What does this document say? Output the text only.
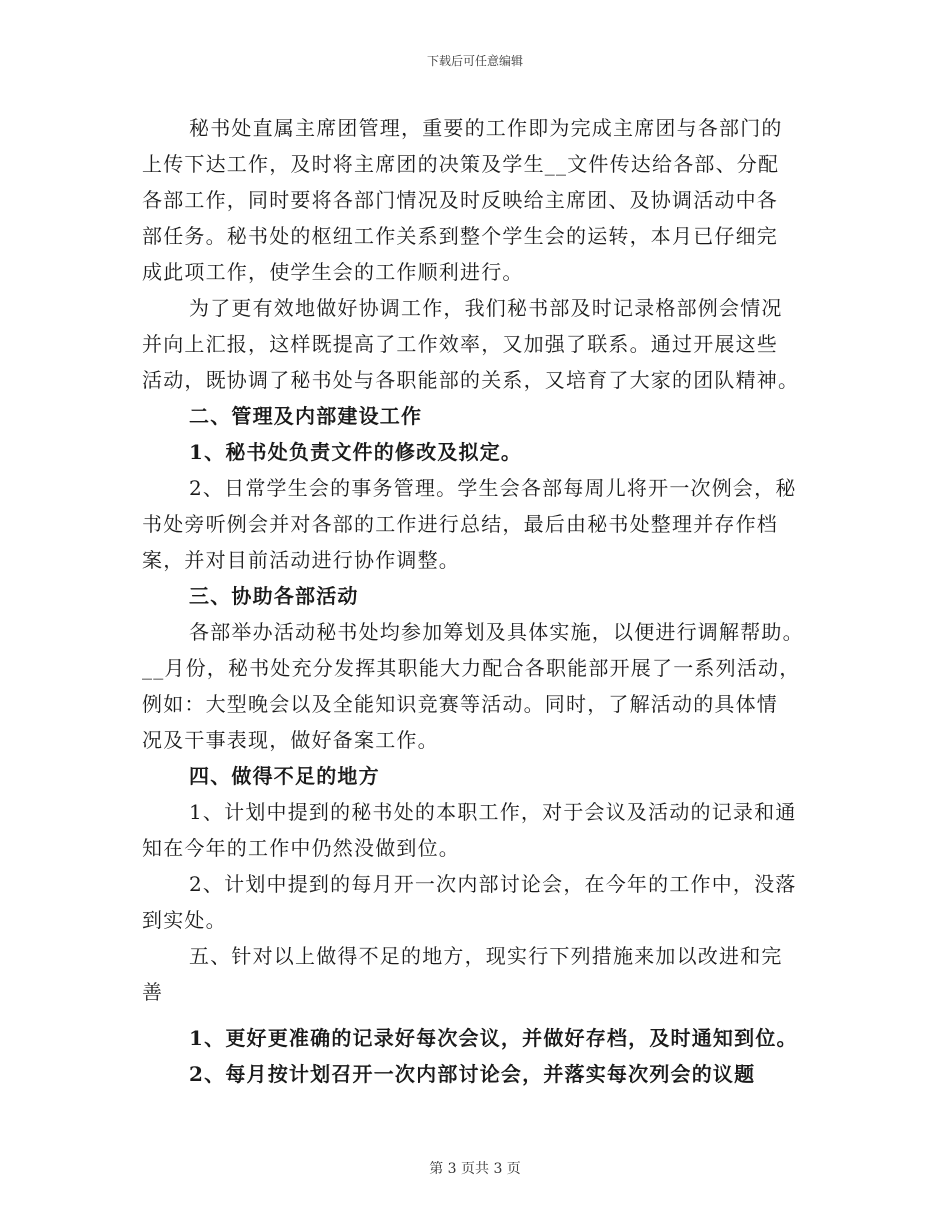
下载后可任意编辑
秘书处直属主席团管理，重要的工作即为完成主席团与各部门的
上传下达工作，及时将主席团的决策及学生__文件传达给各部、分配
各部工作，同时要将各部门情况及时反映给主席团、及协调活动中各
部任务。秘书处的枢纽工作关系到整个学生会的运转，本月已仔细完
成此项工作，使学生会的工作顺利进行。
为了更有效地做好协调工作，我们秘书部及时记录格部例会情况
并向上汇报，这样既提高了工作效率，又加强了联系。通过开展这些
活动，既协调了秘书处与各职能部的关系，又培育了大家的团队精神。
二、管理及内部建设工作
1、秘书处负责文件的修改及拟定。
2、日常学生会的事务管理。学生会各部每周儿将开一次例会，秘
书处旁听例会并对各部的工作进行总结，最后由秘书处整理并存作档
案，并对目前活动进行协作调整。
三、协助各部活动
各部举办活动秘书处均参加筹划及具体实施，以便进行调解帮助。
__月份，秘书处充分发挥其职能大力配合各职能部开展了一系列活动，
例如：大型晚会以及全能知识竞赛等活动。同时，了解活动的具体情
况及干事表现，做好备案工作。
四、做得不足的地方
1、计划中提到的秘书处的本职工作，对于会议及活动的记录和通
知在今年的工作中仍然没做到位。
2、计划中提到的每月开一次内部讨论会，在今年的工作中，没落
到实处。
五、针对以上做得不足的地方，现实行下列措施来加以改进和完
善
1、更好更准确的记录好每次会议，并做好存档，及时通知到位。
2、每月按计划召开一次内部讨论会，并落实每次列会的议题
第 3 页共 3 页
